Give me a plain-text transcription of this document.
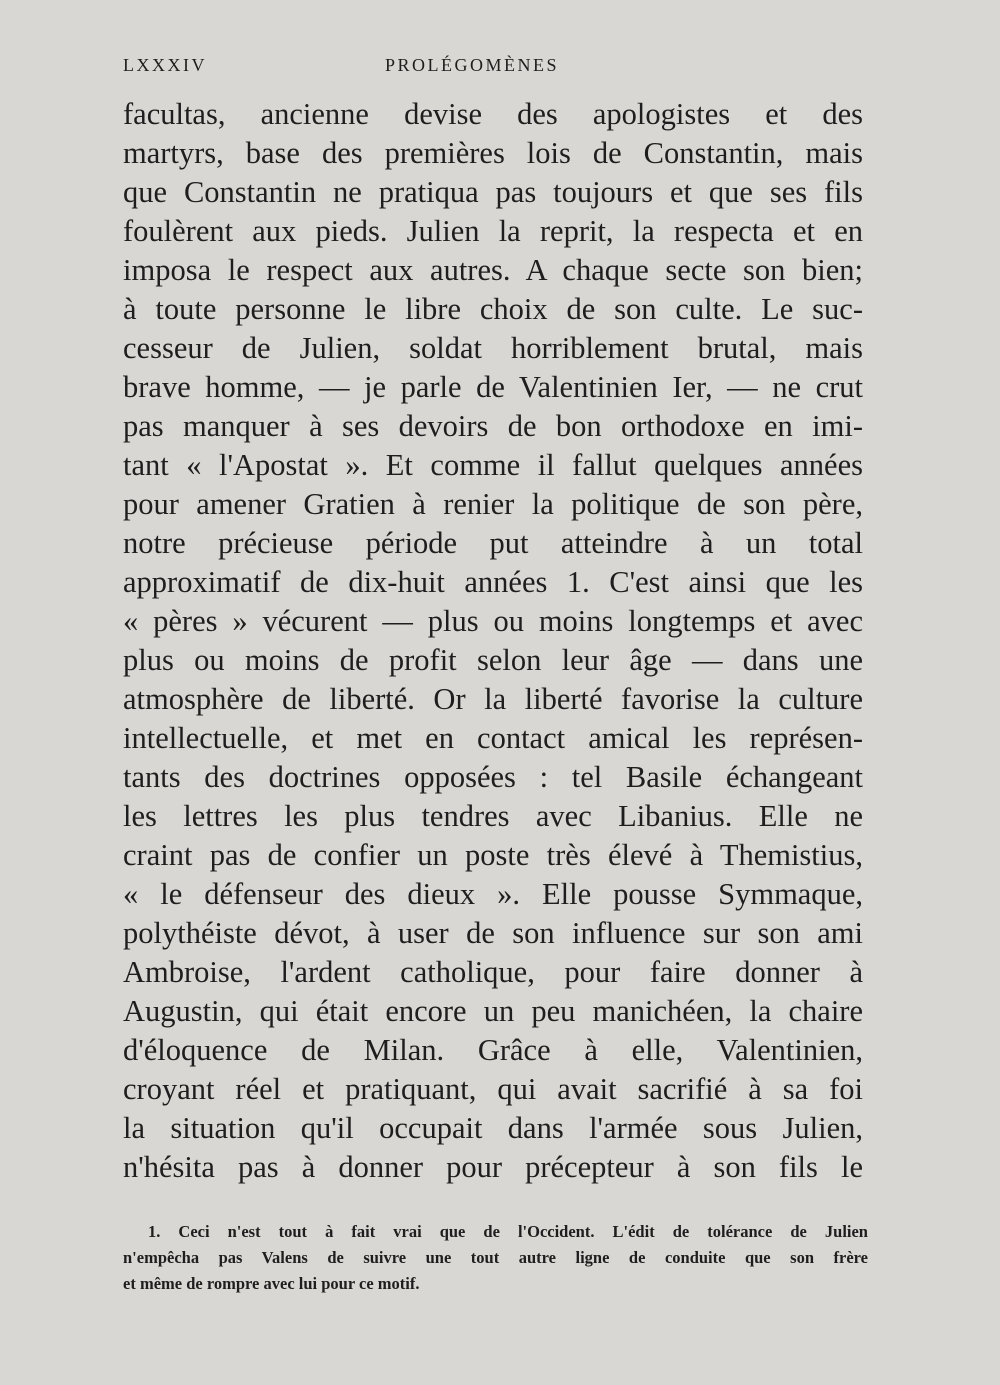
LXXXIV	PROLÉGOMÈNES
facultas, ancienne devise des apologistes et des
martyrs, base des premières lois de Constantin, mais
que Constantin ne pratiqua pas toujours et que ses fils
foulèrent aux pieds. Julien la reprit, la respecta et en
imposa le respect aux autres. A chaque secte son bien;
à toute personne le libre choix de son culte. Le suc-
cesseur de Julien, soldat horriblement brutal, mais
brave homme, — je parle de Valentinien Ier, — ne crut
pas manquer à ses devoirs de bon orthodoxe en imi-
tant « l'Apostat ». Et comme il fallut quelques années
pour amener Gratien à renier la politique de son père,
notre précieuse période put atteindre à un total
approximatif de dix-huit années 1. C'est ainsi que les
« pères » vécurent — plus ou moins longtemps et avec
plus ou moins de profit selon leur âge — dans une
atmosphère de liberté. Or la liberté favorise la culture
intellectuelle, et met en contact amical les représen-
tants des doctrines opposées : tel Basile échangeant
les lettres les plus tendres avec Libanius. Elle ne
craint pas de confier un poste très élevé à Themistius,
« le défenseur des dieux ». Elle pousse Symmaque,
polythéiste dévot, à user de son influence sur son ami
Ambroise, l'ardent catholique, pour faire donner à
Augustin, qui était encore un peu manichéen, la chaire
d'éloquence de Milan. Grâce à elle, Valentinien,
croyant réel et pratiquant, qui avait sacrifié à sa foi
la situation qu'il occupait dans l'armée sous Julien,
n'hésita pas à donner pour précepteur à son fils le
1. Ceci n'est tout à fait vrai que de l'Occident. L'édit de tolérance de Julien
n'empêcha pas Valens de suivre une tout autre ligne de conduite que son frère
et même de rompre avec lui pour ce motif.
